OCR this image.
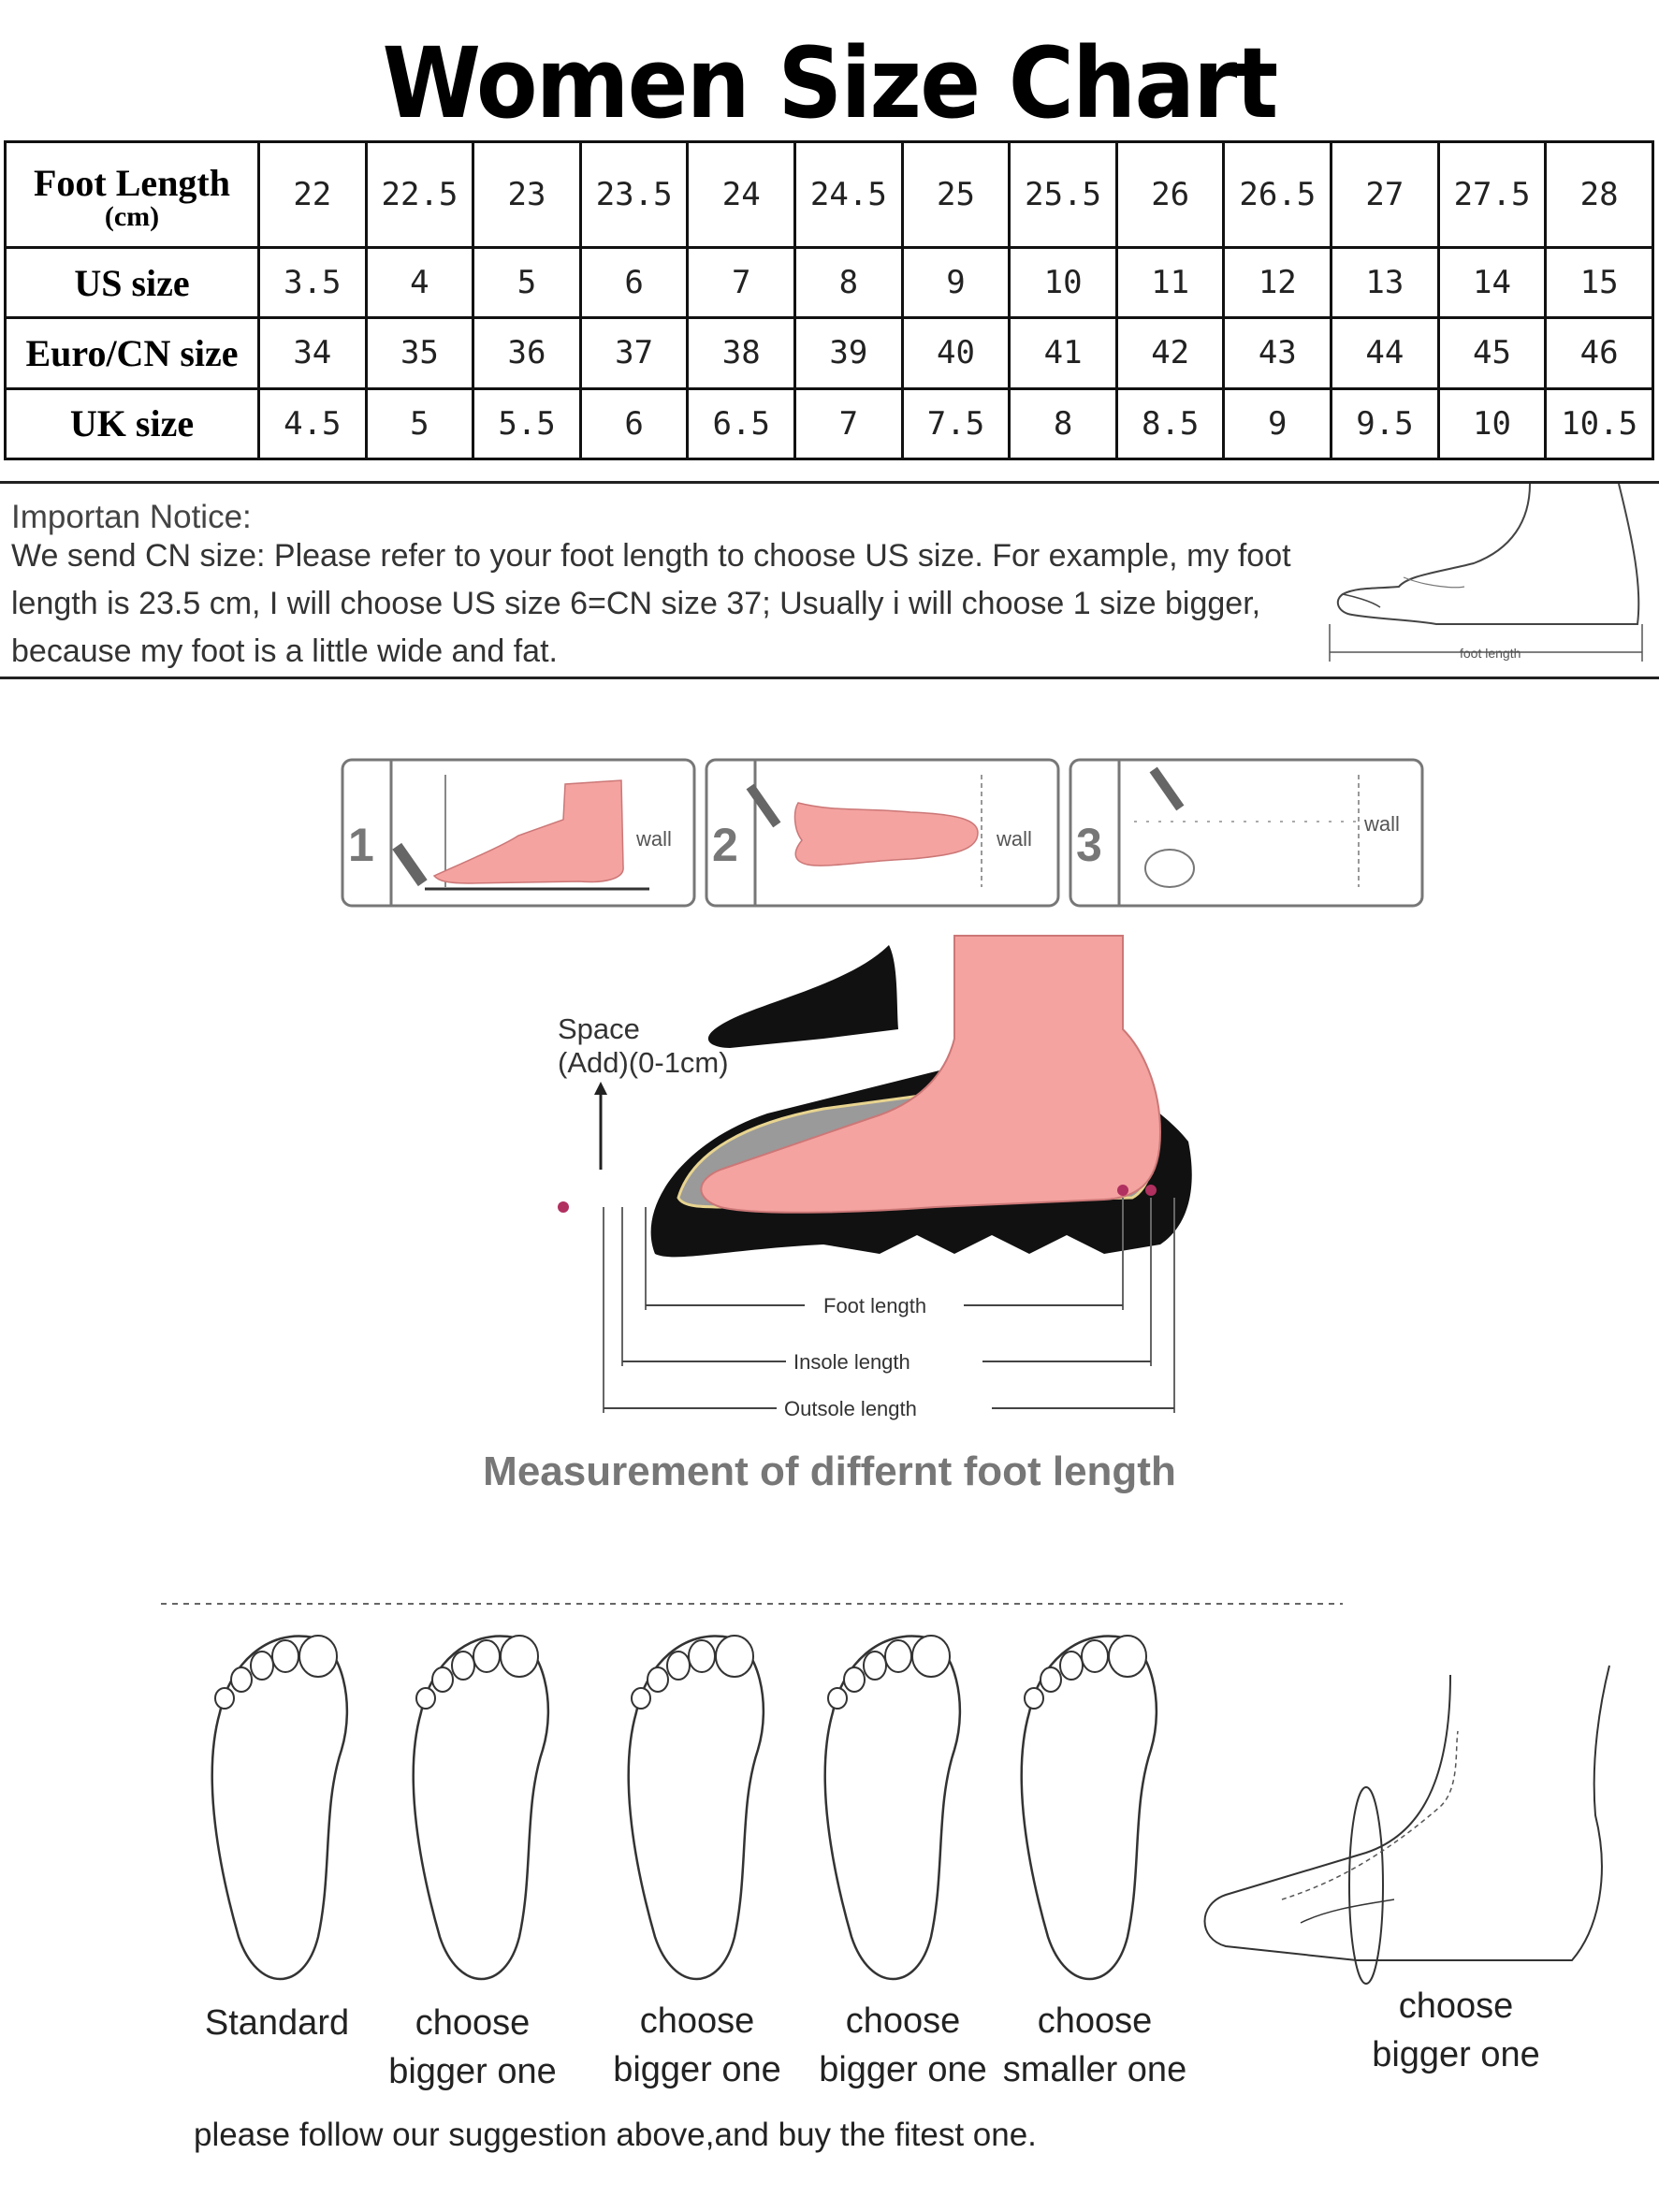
Women Size Chart
Foot Length
(cm)	22	22.5	23	23.5	24	24.5	25	25.5	26	26.5	27	27.5	28
US size	3.5	4	5	6	7	8	9	10	11	12	13	14	15
Euro/CN size	34	35	36	37	38	39	40	41	42	43	44	45	46
UK size	4.5	5	5.5	6	6.5	7	7.5	8	8.5	9	9.5	10	10.5
Importan Notice:
We send CN size: Please refer to your foot length to choose US size. For example, my foot length is 23.5 cm, I will choose US size 6=CN size 37; Usually i will choose 1 size bigger, because my foot is a little wide and fat.	foot length
1	wall 2	wall 3	wall
Foot length
Insole length
Outsole length
Space
(Add)(0-1cm)
Measurement of differnt foot length
Standard	choose
bigger one
choose
bigger one
choose
bigger one
choose
smaller one
choose
bigger one
please follow our suggestion above,and buy the fitest one.
